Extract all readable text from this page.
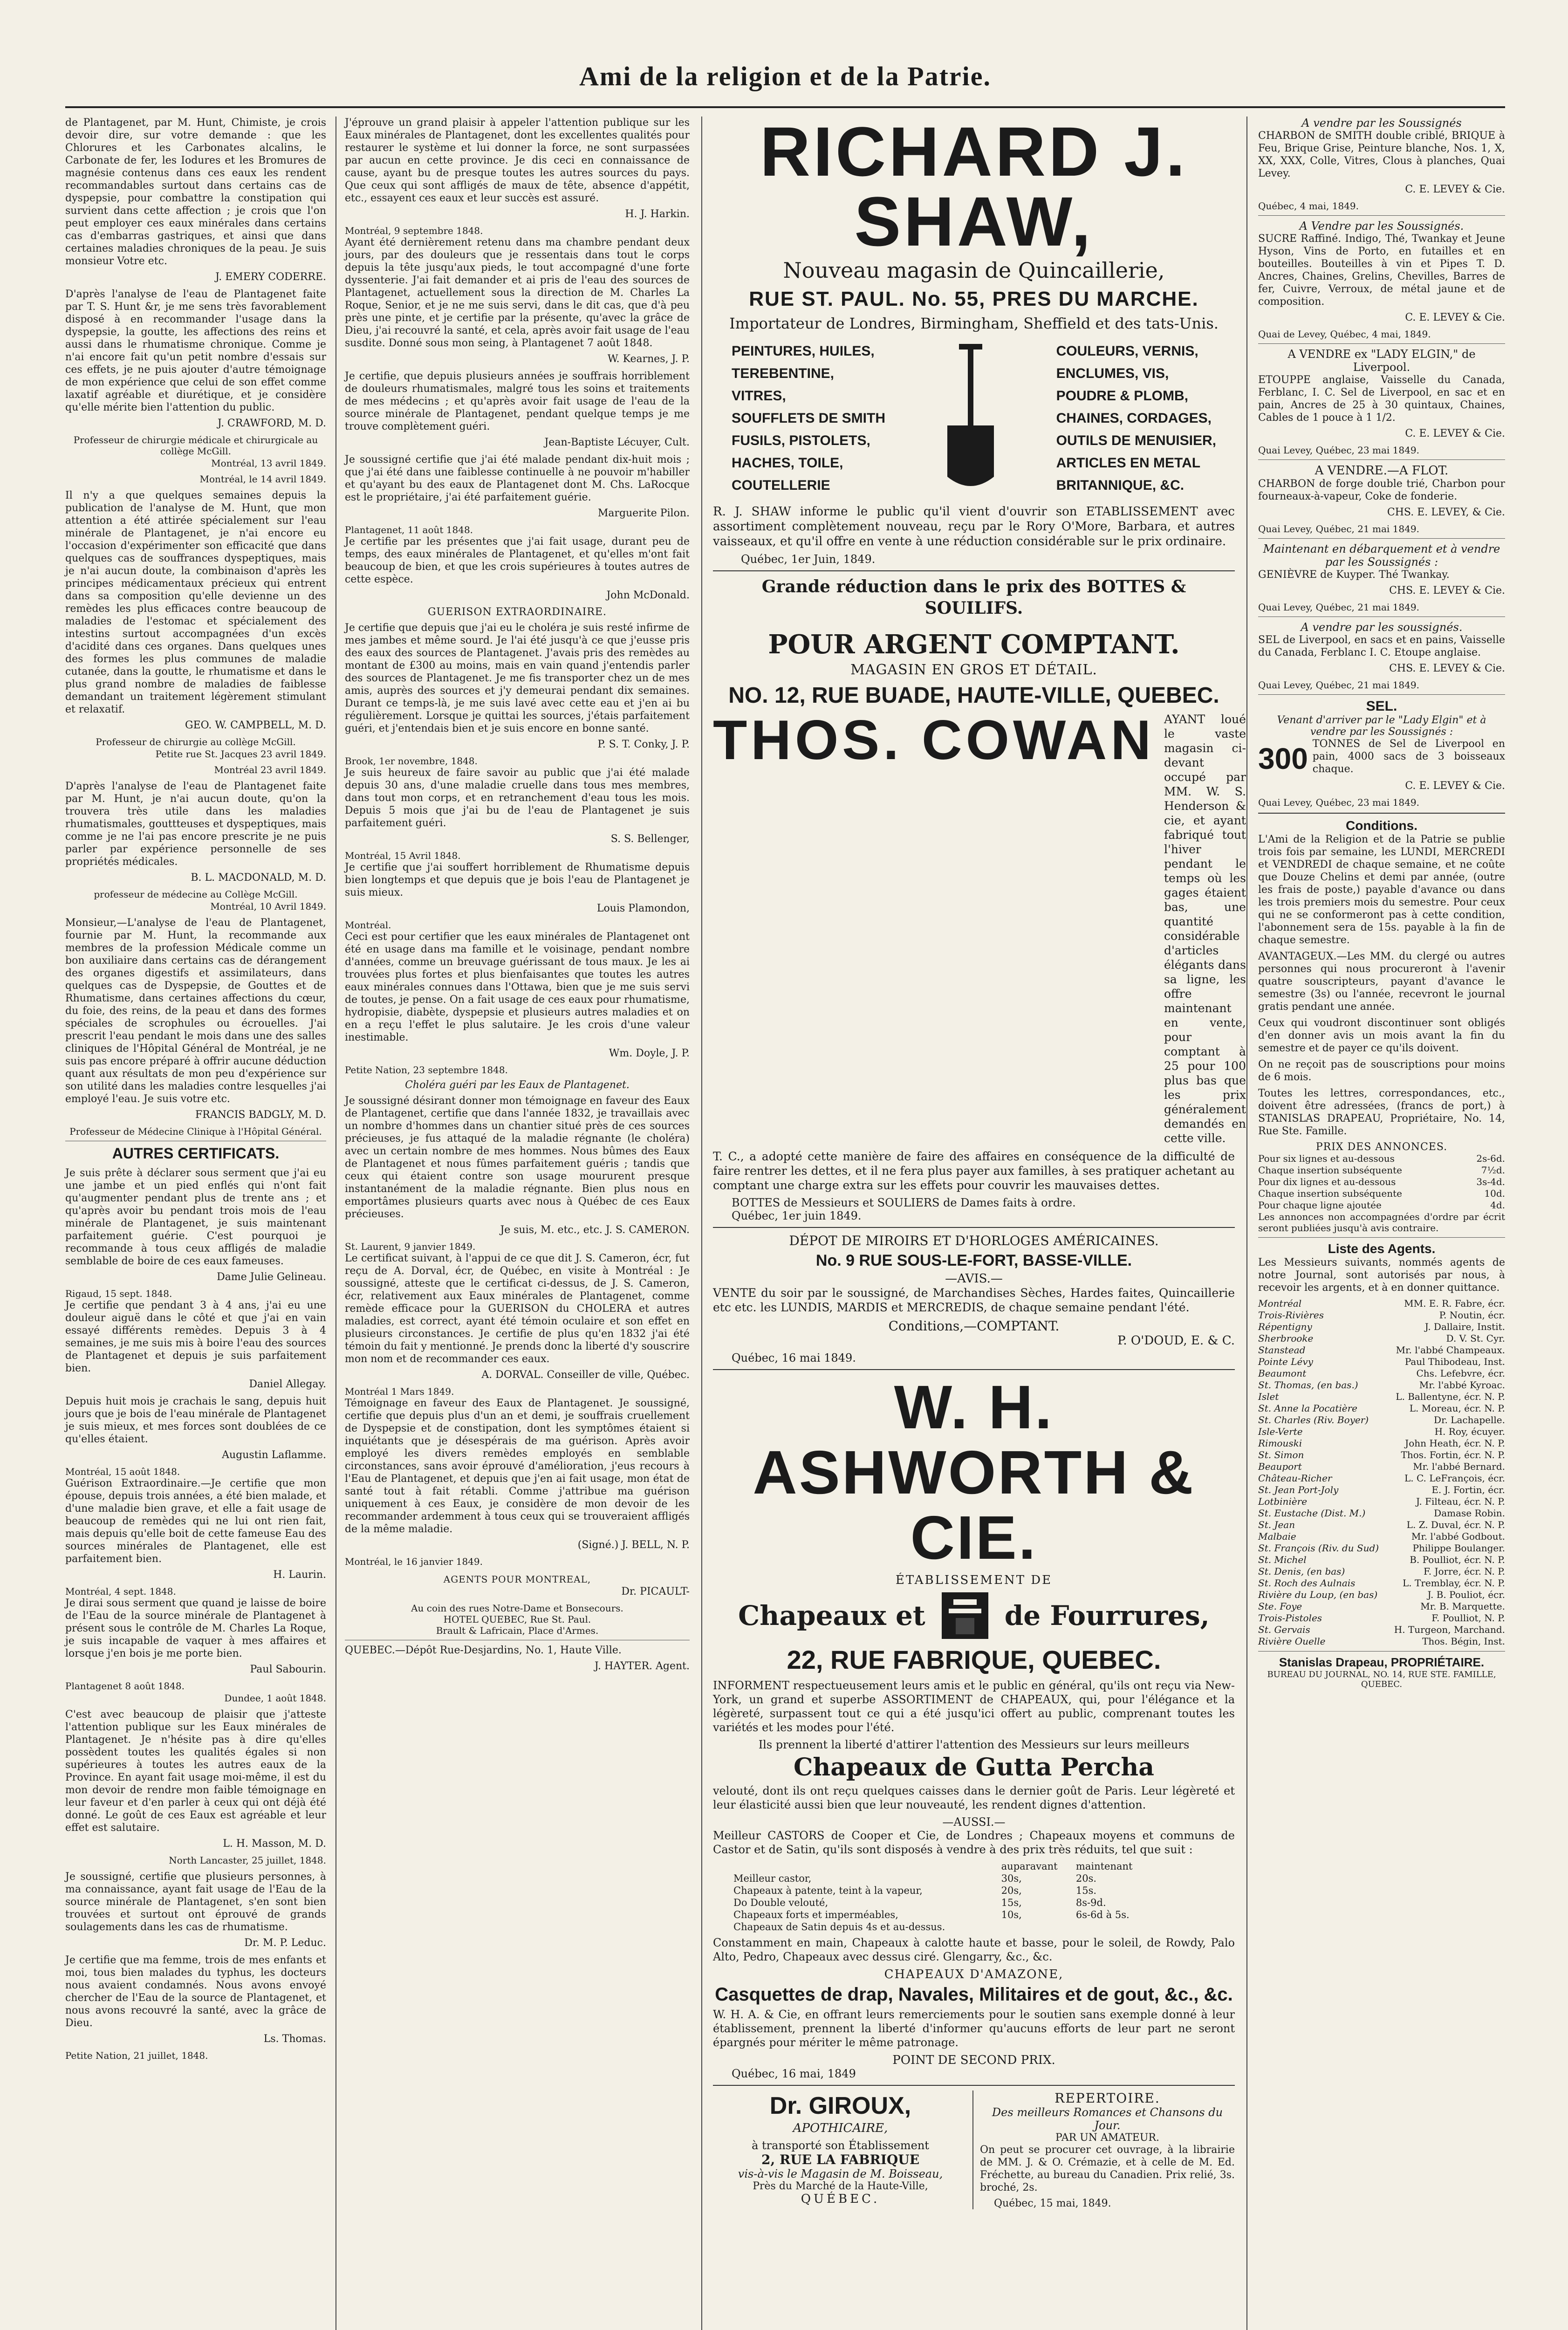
Ami de la religion et de la Patrie.

de Plantagenet, par M. Hunt, Chimiste, je crois devoir dire, sur votre demande : que les Chlorures et les Carbonates alcalins, le Carbonate de fer, les Iodures et les Bromures de magnésie contenus dans ces eaux les rendent recommandables surtout dans certains cas de dyspepsie, pour combattre la constipation qui survient dans cette affection ; je crois que l'on peut employer ces eaux minérales dans certains cas d'embarras gastriques, et ainsi que dans certaines maladies chroniques de la peau. Je suis monsieur Votre etc.

J. EMERY CODERRE.

D'après l'analyse de l'eau de Plantagenet faite par T. S. Hunt &r, je me sens très favorablement disposé à en recommander l'usage dans la dyspepsie, la goutte, les affections des reins et aussi dans le rhumatisme chronique. Comme je n'ai encore fait qu'un petit nombre d'essais sur ces effets, je ne puis ajouter d'autre témoignage de mon expérience que celui de son effet comme laxatif agréable et diurétique, et je considère qu'elle mérite bien l'attention du public.

J. CRAWFORD, M. D.
Professeur de chirurgie médicale et chirurgicale au collège McGill.
Montréal, 13 avril 1849.
Montréal, le 14 avril 1849.

Il n'y a que quelques semaines depuis la publication de l'analyse de M. Hunt, que mon attention a été attirée spécialement sur l'eau minérale de Plantagenet, je n'ai encore eu l'occasion d'expérimenter son efficacité que dans quelques cas de souffrances dyspeptiques, mais je n'ai aucun doute, la combinaison d'après les principes médicamentaux précieux qui entrent dans sa composition qu'elle devienne un des remèdes les plus efficaces contre beaucoup de maladies de l'estomac et spécialement des intestins surtout accompagnées d'un excès d'acidité dans ces organes. Dans quelques unes des formes les plus communes de maladie cutanée, dans la goutte, le rhumatisme et dans le plus grand nombre de maladies de faiblesse demandant un traitement légèrement stimulant et relaxatif.

GEO. W. CAMPBELL, M. D.
Professeur de chirurgie au collège McGill.
Petite rue St. Jacques 23 avril 1849.
Montréal 23 avril 1849.

D'après l'analyse de l'eau de Plantagenet faite par M. Hunt, je n'ai aucun doute, qu'on la trouvera très utile dans les maladies rhumatismales, gouttteuses et dyspeptiques, mais comme je ne l'ai pas encore prescrite je ne puis parler par expérience personnelle de ses propriétés médicales.

B. L. MACDONALD, M. D.
professeur de médecine au Collège McGill.
Montréal, 10 Avril 1849.

Monsieur,—L'analyse de l'eau de Plantagenet, fournie par M. Hunt, la recommande aux membres de la profession Médicale comme un bon auxiliaire dans certains cas de dérangement des organes digestifs et assimilateurs, dans quelques cas de Dyspepsie, de Gouttes et de Rhumatisme, dans certaines affections du cœur, du foie, des reins, de la peau et dans des formes spéciales de scrophules ou écrouelles. J'ai prescrit l'eau pendant le mois dans une des salles cliniques de l'Hôpital Général de Montréal, je ne suis pas encore préparé à offrir aucune déduction quant aux résultats de mon peu d'expérience sur son utilité dans les maladies contre lesquelles j'ai employé l'eau. Je suis votre etc.

FRANCIS BADGLY, M. D.
Professeur de Médecine Clinique à l'Hôpital Général.
AUTRES CERTIFICATS.

Je suis prête à déclarer sous serment que j'ai eu une jambe et un pied enflés qui n'ont fait qu'augmenter pendant plus de trente ans ; et qu'après avoir bu pendant trois mois de l'eau minérale de Plantagenet, je suis maintenant parfaitement guérie. C'est pourquoi je recommande à tous ceux affligés de maladie semblable de boire de ces eaux fameuses.

Dame Julie Gelineau.
Rigaud, 15 sept. 1848.

Je certifie que pendant 3 à 4 ans, j'ai eu une douleur aiguë dans le côté et que j'ai en vain essayé différents remèdes. Depuis 3 à 4 semaines, je me suis mis à boire l'eau des sources de Plantagenet et depuis je suis parfaitement bien.

Daniel Allegay.

Depuis huit mois je crachais le sang, depuis huit jours que je bois de l'eau minérale de Plantagenet je suis mieux, et mes forces sont doublées de ce qu'elles étaient.

Augustin Laflamme.
Montréal, 15 août 1848.

Guérison Extraordinaire.—Je certifie que mon épouse, depuis trois années, a été bien malade, et d'une maladie bien grave, et elle a fait usage de beaucoup de remèdes qui ne lui ont rien fait, mais depuis qu'elle boit de cette fameuse Eau des sources minérales de Plantagenet, elle est parfaitement bien.

H. Laurin.
Montréal, 4 sept. 1848.

Je dirai sous serment que quand je laisse de boire de l'Eau de la source minérale de Plantagenet à présent sous le contrôle de M. Charles La Roque, je suis incapable de vaquer à mes affaires et lorsque j'en bois je me porte bien.

Paul Sabourin.
Plantagenet 8 août 1848.
Dundee, 1 août 1848.

C'est avec beaucoup de plaisir que j'atteste l'attention publique sur les Eaux minérales de Plantagenet. Je n'hésite pas à dire qu'elles possèdent toutes les qualités égales si non supérieures à toutes les autres eaux de la Province. En ayant fait usage moi-même, il est du mon devoir de rendre mon faible témoignage en leur faveur et d'en parler à ceux qui ont déjà été donné. Le goût de ces Eaux est agréable et leur effet est salutaire.

L. H. Masson, M. D.
North Lancaster, 25 juillet, 1848.

Je soussigné, certifie que plusieurs personnes, à ma connaissance, ayant fait usage de l'Eau de la source minérale de Plantagenet, s'en sont bien trouvées et surtout ont éprouvé de grands soulagements dans les cas de rhumatisme.

Dr. M. P. Leduc.

Je certifie que ma femme, trois de mes enfants et moi, tous bien malades du typhus, les docteurs nous avaient condamnés. Nous avons envoyé chercher de l'Eau de la source de Plantagenet, et nous avons recouvré la santé, avec la grâce de Dieu.

Ls. Thomas.
Petite Nation, 21 juillet, 1848.

J'éprouve un grand plaisir à appeler l'attention publique sur les Eaux minérales de Plantagenet, dont les excellentes qualités pour restaurer le système et lui donner la force, ne sont surpassées par aucun en cette province. Je dis ceci en connaissance de cause, ayant bu de presque toutes les autres sources du pays. Que ceux qui sont affligés de maux de tête, absence d'appétit, etc., essayent ces eaux et leur succès est assuré.

H. J. Harkin.
Montréal, 9 septembre 1848.

Ayant été dernièrement retenu dans ma chambre pendant deux jours, par des douleurs que je ressentais dans tout le corps depuis la tête jusqu'aux pieds, le tout accompagné d'une forte dyssenterie. J'ai fait demander et ai pris de l'eau des sources de Plantagenet, actuellement sous la direction de M. Charles La Roque, Senior, et je ne me suis servi, dans le dit cas, que d'à peu près une pinte, et je certifie par la présente, qu'avec la grâce de Dieu, j'ai recouvré la santé, et cela, après avoir fait usage de l'eau susdite. Donné sous mon seing, à Plantagenet 7 août 1848.

W. Kearnes, J. P.

Je certifie, que depuis plusieurs années je souffrais horriblement de douleurs rhumatismales, malgré tous les soins et traitements de mes médecins ; et qu'après avoir fait usage de l'eau de la source minérale de Plantagenet, pendant quelque temps je me trouve complètement guéri.

Jean-Baptiste Lécuyer, Cult.

Je soussigné certifie que j'ai été malade pendant dix-huit mois ; que j'ai été dans une faiblesse continuelle à ne pouvoir m'habiller et qu'ayant bu des eaux de Plantagenet dont M. Chs. LaRocque est le propriétaire, j'ai été parfaitement guérie.

Marguerite Pilon.
Plantagenet, 11 août 1848.

Je certifie par les présentes que j'ai fait usage, durant peu de temps, des eaux minérales de Plantagenet, et qu'elles m'ont fait beaucoup de bien, et que les crois supérieures à toutes autres de cette espèce.

John McDonald.
GUERISON EXTRAORDINAIRE.

Je certifie que depuis que j'ai eu le choléra je suis resté infirme de mes jambes et même sourd. Je l'ai été jusqu'à ce que j'eusse pris des eaux des sources de Plantagenet. J'avais pris des remèdes au montant de £300 au moins, mais en vain quand j'entendis parler des sources de Plantagenet. Je me fis transporter chez un de mes amis, auprès des sources et j'y demeurai pendant dix semaines. Durant ce temps-là, je me suis lavé avec cette eau et j'en ai bu régulièrement. Lorsque je quittai les sources, j'étais parfaitement guéri, et j'entendais bien et je suis encore en bonne santé.

P. S. T. Conky, J. P.
Brook, 1er novembre, 1848.

Je suis heureux de faire savoir au public que j'ai été malade depuis 30 ans, d'une maladie cruelle dans tous mes membres, dans tout mon corps, et en retranchement d'eau tous les mois. Depuis 5 mois que j'ai bu de l'eau de Plantagenet je suis parfaitement guéri.

S. S. Bellenger,
Montréal, 15 Avril 1848.

Je certifie que j'ai souffert horriblement de Rhumatisme depuis bien longtemps et que depuis que je bois l'eau de Plantagenet je suis mieux.

Louis Plamondon,
Montréal.

Ceci est pour certifier que les eaux minérales de Plantagenet ont été en usage dans ma famille et le voisinage, pendant nombre d'années, comme un breuvage guérissant de tous maux. Je les ai trouvées plus fortes et plus bienfaisantes que toutes les autres eaux minérales connues dans l'Ottawa, bien que je me suis servi de toutes, je pense. On a fait usage de ces eaux pour rhumatisme, hydropisie, diabète, dyspepsie et plusieurs autres maladies et on en a reçu l'effet le plus salutaire. Je les crois d'une valeur inestimable.

Wm. Doyle, J. P.
Petite Nation, 23 septembre 1848.
Choléra guéri par les Eaux de Plantagenet.

Je soussigné désirant donner mon témoignage en faveur des Eaux de Plantagenet, certifie que dans l'année 1832, je travaillais avec un nombre d'hommes dans un chantier situé près de ces sources précieuses, je fus attaqué de la maladie régnante (le choléra) avec un certain nombre de mes hommes. Nous bûmes des Eaux de Plantagenet et nous fûmes parfaitement guéris ; tandis que ceux qui étaient contre son usage moururent presque instantanément de la maladie régnante. Bien plus nous en emportâmes plusieurs quarts avec nous à Québec de ces Eaux précieuses.

Je suis, M. etc., etc. J. S. CAMERON.
St. Laurent, 9 janvier 1849.

Le certificat suivant, à l'appui de ce que dit J. S. Cameron, écr, fut reçu de A. Dorval, écr, de Québec, en visite à Montréal : Je soussigné, atteste que le certificat ci-dessus, de J. S. Cameron, écr, relativement aux Eaux minérales de Plantagenet, comme remède efficace pour la GUERISON du CHOLERA et autres maladies, est correct, ayant été témoin oculaire et son effet en plusieurs circonstances. Je certifie de plus qu'en 1832 j'ai été témoin du fait y mentionné. Je prends donc la liberté d'y souscrire mon nom et de recommander ces eaux.

A. DORVAL. Conseiller de ville, Québec.
Montréal 1 Mars 1849.

Témoignage en faveur des Eaux de Plantagenet. Je soussigné, certifie que depuis plus d'un an et demi, je souffrais cruellement de Dyspepsie et de constipation, dont les symptômes étaient si inquiétants que je désespérais de ma guérison. Après avoir employé les divers remèdes employés en semblable circonstances, sans avoir éprouvé d'amélioration, j'eus recours à l'Eau de Plantagenet, et depuis que j'en ai fait usage, mon état de santé tout à fait rétabli. Comme j'attribue ma guérison uniquement à ces Eaux, je considère de mon devoir de les recommander ardemment à tous ceux qui se trouveraient affligés de la même maladie.

(Signé.) J. BELL, N. P.
Montréal, le 16 janvier 1849.
AGENTS POUR MONTREAL,
Dr. PICAULT-
Au coin des rues Notre-Dame et Bonsecours.
HOTEL QUEBEC, Rue St. Paul.
Brault & Lafricain, Place d'Armes.

QUEBEC.—Dépôt Rue-Desjardins, No. 1, Haute Ville.

J. HAYTER. Agent.
RICHARD J. SHAW,
Nouveau magasin de Quincaillerie,
RUE ST. PAUL. No. 55, PRES DU MARCHE.
Importateur de Londres, Birmingham, Sheffield et des tats-Unis.
PEINTURES, HUILES,
TEREBENTINE,
VITRES,
SOUFFLETS DE SMITH
FUSILS, PISTOLETS,
HACHES, TOILE,
COUTELLERIE
COULEURS, VERNIS,
ENCLUMES, VIS,
POUDRE & PLOMB,
CHAINES, CORDAGES,
OUTILS DE MENUISIER,
ARTICLES EN METAL
BRITANNIQUE, &C.

R. J. SHAW informe le public qu'il vient d'ouvrir son ETABLISSEMENT avec assortiment complètement nouveau, reçu par le Rory O'More, Barbara, et autres vaisseaux, et qu'il offre en vente à une réduction considérable sur le prix ordinaire.

Québec, 1er Juin, 1849.
Grande réduction dans le prix des BOTTES & SOUILIFS.
POUR ARGENT COMPTANT.
MAGASIN EN GROS ET DÉTAIL.
NO. 12, RUE BUADE, HAUTE-VILLE, QUEBEC.
THOS. COWAN AYANT loué le vaste magasin ci-devant occupé par MM. W. S. Henderson & cie, et ayant fabriqué tout l'hiver pendant le temps où les gages étaient bas, une quantité considérable d'articles élégants dans sa ligne, les offre maintenant en vente, pour comptant à 25 pour 100 plus bas que les prix généralement demandés en cette ville.

T. C., a adopté cette manière de faire des affaires en conséquence de la difficulté de faire rentrer les dettes, et il ne fera plus payer aux familles, à ses pratiquer achetant au comptant une charge extra sur les effets pour couvrir les mauvaises dettes.

BOTTES de Messieurs et SOULIERS de Dames faits à ordre.
Québec, 1er juin 1849.
DÉPOT DE MIROIRS ET D'HORLOGES AMÉRICAINES.
No. 9 RUE SOUS-LE-FORT, BASSE-VILLE.
—AVIS.—

VENTE du soir par le soussigné, de Marchandises Sèches, Hardes faites, Quincaillerie etc etc. les LUNDIS, MARDIS et MERCREDIS, de chaque semaine pendant l'été.

Conditions,—COMPTANT.
P. O'DOUD, E. & C.
Québec, 16 mai 1849.
W. H. ASHWORTH & CIE.
ÉTABLISSEMENT DE
Chapeaux et	de Fourrures,
22, RUE FABRIQUE, QUEBEC.

INFORMENT respectueusement leurs amis et le public en général, qu'ils ont reçu via New-York, un grand et superbe ASSORTIMENT de CHAPEAUX, qui, pour l'élégance et la légèreté, surpassent tout ce qui a été jusqu'ici offert au public, comprenant toutes les variétés et les modes pour l'été.

Ils prennent la liberté d'attirer l'attention des Messieurs sur leurs meilleurs
Chapeaux de Gutta Percha

velouté, dont ils ont reçu quelques caisses dans le dernier goût de Paris. Leur légèreté et leur élasticité aussi bien que leur nouveauté, les rendent dignes d'attention.

—AUSSI.—

Meilleur CASTORS de Cooper et Cie, de Londres ; Chapeaux moyens et communs de Castor et de Satin, qu'ils sont disposés à vendre à des prix très réduits, tel que suit :

	auparavant	maintenant
Meilleur castor,	30s,	20s.
Chapeaux à patente, teint à la vapeur,	20s,	15s.
Do Double velouté,	15s,	8s-9d.
Chapeaux forts et imperméables,	10s,	6s-6d à 5s.
Chapeaux de Satin depuis 4s et au-dessus.		

Constamment en main, Chapeaux à calotte haute et basse, pour le soleil, de Rowdy, Palo Alto, Pedro, Chapeaux avec dessus ciré. Glengarry, &c., &c.

CHAPEAUX D'AMAZONE,
Casquettes de drap, Navales, Militaires et de gout, &c., &c.

W. H. A. & Cie, en offrant leurs remerciements pour le soutien sans exemple donné à leur établissement, prennent la liberté d'informer qu'aucuns efforts de leur part ne seront épargnés pour mériter le même patronage.

POINT DE SECOND PRIX.
Québec, 16 mai, 1849
Dr. GIROUX,
APOTHICAIRE,
à transporté son Établissement
2, RUE LA FABRIQUE
vis-à-vis le Magasin de M. Boisseau,
Près du Marché de la Haute-Ville,
QUÉBEC.
REPERTOIRE.
Des meilleurs Romances et Chansons du Jour.
PAR UN AMATEUR.

On peut se procurer cet ouvrage, à la librairie de MM. J. & O. Crémazie, et à celle de M. Ed. Fréchette, au bureau du Canadien. Prix relié, 3s. broché, 2s.

Québec, 15 mai, 1849.
A vendre par les Soussignés

CHARBON de SMITH double criblé, BRIQUE à Feu, Brique Grise, Peinture blanche, Nos. 1, X, XX, XXX, Colle, Vitres, Clous à planches, Quai Levey.

C. E. LEVEY & Cie.
Québec, 4 mai, 1849.
A Vendre par les Soussignés.

SUCRE Raffiné. Indigo, Thé, Twankay et Jeune Hyson, Vins de Porto, en futailles et en bouteilles. Bouteilles à vin et Pipes T. D. Ancres, Chaines, Grelins, Chevilles, Barres de fer, Cuivre, Verroux, de métal jaune et de composition.

C. E. LEVEY & Cie.
Quai de Levey, Québec, 4 mai, 1849.
A VENDRE ex "LADY ELGIN," de Liverpool.

ETOUPPE anglaise, Vaisselle du Canada, Ferblanc, I. C. Sel de Liverpool, en sac et en pain, Ancres de 25 à 30 quintaux, Chaines, Cables de 1 pouce à 1 1/2.

C. E. LEVEY & Cie.
Quai Levey, Québec, 23 mai 1849.
A VENDRE.—A FLOT.

CHARBON de forge double trié, Charbon pour fourneaux-à-vapeur, Coke de fonderie.

CHS. E. LEVEY, & Cie.
Quai Levey, Québec, 21 mai 1849.
Maintenant en débarquement et à vendre par les Soussignés :

GENIÈVRE de Kuyper. Thé Twankay.

CHS. E. LEVEY & Cie.
Quai Levey, Québec, 21 mai 1849.
A vendre par les soussignés.

SEL de Liverpool, en sacs et en pains, Vaisselle du Canada, Ferblanc I. C. Etoupe anglaise.

CHS. E. LEVEY & Cie.
Quai Levey, Québec, 21 mai 1849.
SEL.
Venant d'arriver par le "Lady Elgin" et à vendre par les Soussignés :
300 TONNES de Sel de Liverpool en pain, 4000 sacs de 3 boisseaux chaque.

C. E. LEVEY & Cie.
Quai Levey, Québec, 23 mai 1849.
Conditions.

L'Ami de la Religion et de la Patrie se publie trois fois par semaine, les LUNDI, MERCREDI et VENDREDI de chaque semaine, et ne coûte que Douze Chelins et demi par année, (outre les frais de poste,) payable d'avance ou dans les trois premiers mois du semestre. Pour ceux qui ne se conformeront pas à cette condition, l'abonnement sera de 15s. payable à la fin de chaque semestre.

AVANTAGEUX.—Les MM. du clergé ou autres personnes qui nous procureront à l'avenir quatre souscripteurs, payant d'avance le semestre (3s) ou l'année, recevront le journal gratis pendant une année.

Ceux qui voudront discontinuer sont obligés d'en donner avis un mois avant la fin du semestre et de payer ce qu'ils doivent.

On ne reçoit pas de souscriptions pour moins de 6 mois.

Toutes les lettres, correspondances, etc., doivent être adressées, (francs de port,) à STANISLAS DRAPEAU, Propriétaire, No. 14, Rue Ste. Famille.

PRIX DES ANNONCES.
Pour six lignes et au-dessous	2s-6d.
Chaque insertion subséquente	7½d.
Pour dix lignes et au-dessous	3s-4d.
Chaque insertion subséquente	10d.
Pour chaque ligne ajoutée	4d.

Les annonces non accompagnées d'ordre par écrit seront publiées jusqu'à avis contraire.

Liste des Agents.

Les Messieurs suivants, nommés agents de notre Journal, sont autorisés par nous, à recevoir les argents, et à en donner quittance.

Montréal	MM. E. R. Fabre, écr.
Trois-Rivières	P. Noutin, écr.
Répentigny	J. Dallaire, Instit.
Sherbrooke	D. V. St. Cyr.
Stanstead	Mr. l'abbé Champeaux.
Pointe Lévy	Paul Thibodeau, Inst.
Beaumont	Chs. Lefebvre, écr.
St. Thomas, (en bas.)	Mr. l'abbé Kyroac.
Islet	L. Ballentyne, écr. N. P.
St. Anne la Pocatière	L. Moreau, écr. N. P.
St. Charles (Riv. Boyer)	Dr. Lachapelle.
Isle-Verte	H. Roy, écuyer.
Rimouski	John Heath, écr. N. P.
St. Simon	Thos. Fortin, écr. N. P.
Beauport	Mr. l'abbé Bernard.
Château-Richer	L. C. LeFrançois, écr.
St. Jean Port-Joly	E. J. Fortin, écr.
Lotbinière	J. Filteau, écr. N. P.
St. Eustache (Dist. M.)	Damase Robin.
St. Jean	L. Z. Duval, écr. N. P.
Malbaie	Mr. l'abbé Godbout.
St. François (Riv. du Sud)	Philippe Boulanger.
St. Michel	B. Poulliot, écr. N. P.
St. Denis, (en bas)	F. Jorre, écr. N. P.
St. Roch des Aulnais	L. Tremblay, écr. N. P.
Rivière du Loup, (en bas)	J. B. Pouliot, écr.
Ste. Foye	Mr. B. Marquette.
Trois-Pistoles	F. Poulliot, N. P.
St. Gervais	H. Turgeon, Marchand.
Rivière Ouelle	Thos. Bégin, Inst.
Stanislas Drapeau, PROPRIÉTAIRE.
BUREAU DU JOURNAL, NO. 14, RUE STE. FAMILLE, QUEBEC.
